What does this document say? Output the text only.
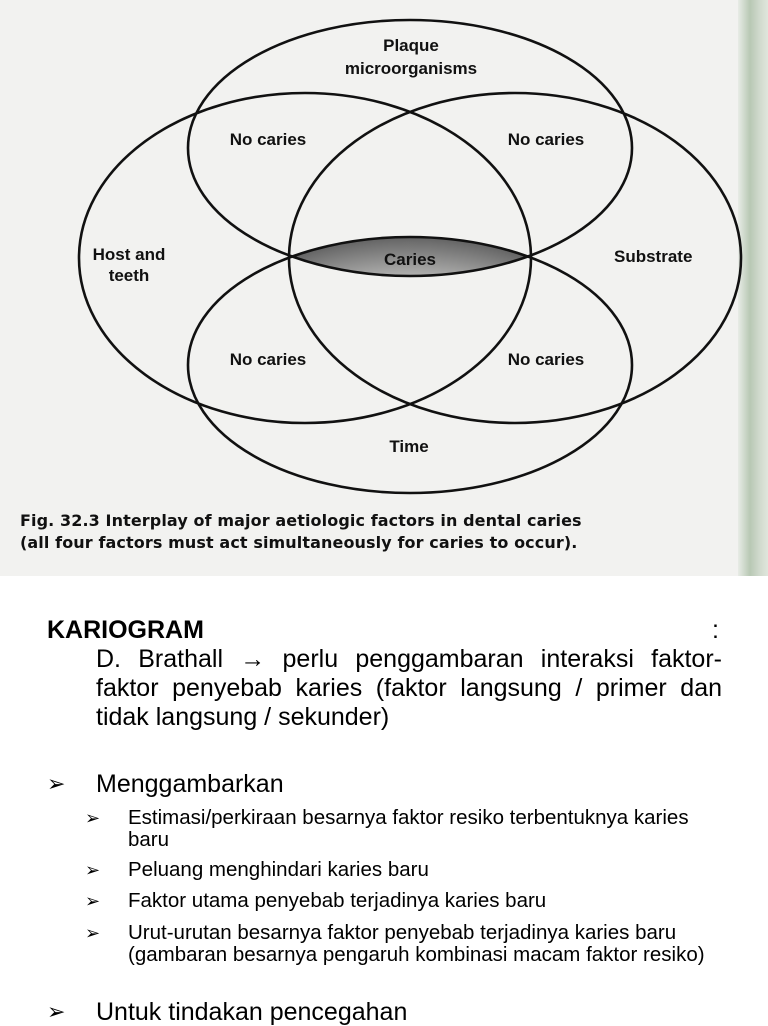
Plaque
microorganisms
No caries	No caries
Host and
teeth
Caries	Substrate
No caries	No caries
Time
Fig. 32.3 Interplay of major aetiologic factors in dental caries
(all four factors must act simultaneously for caries to occur).
KARIOGRAM	:
D. Brathall → perlu penggambaran interaksi faktor-faktor penyebab karies (faktor langsung / primer dan tidak langsung / sekunder)
➢ Menggambarkan
➢ Estimasi/perkiraan besarnya faktor resiko terbentuknya karies baru
➢ Peluang menghindari karies baru
➢ Faktor utama penyebab terjadinya karies baru
➢ Urut-urutan besarnya faktor penyebab terjadinya karies baru (gambaran besarnya pengaruh kombinasi macam faktor resiko)
➢ Untuk tindakan pencegahan
